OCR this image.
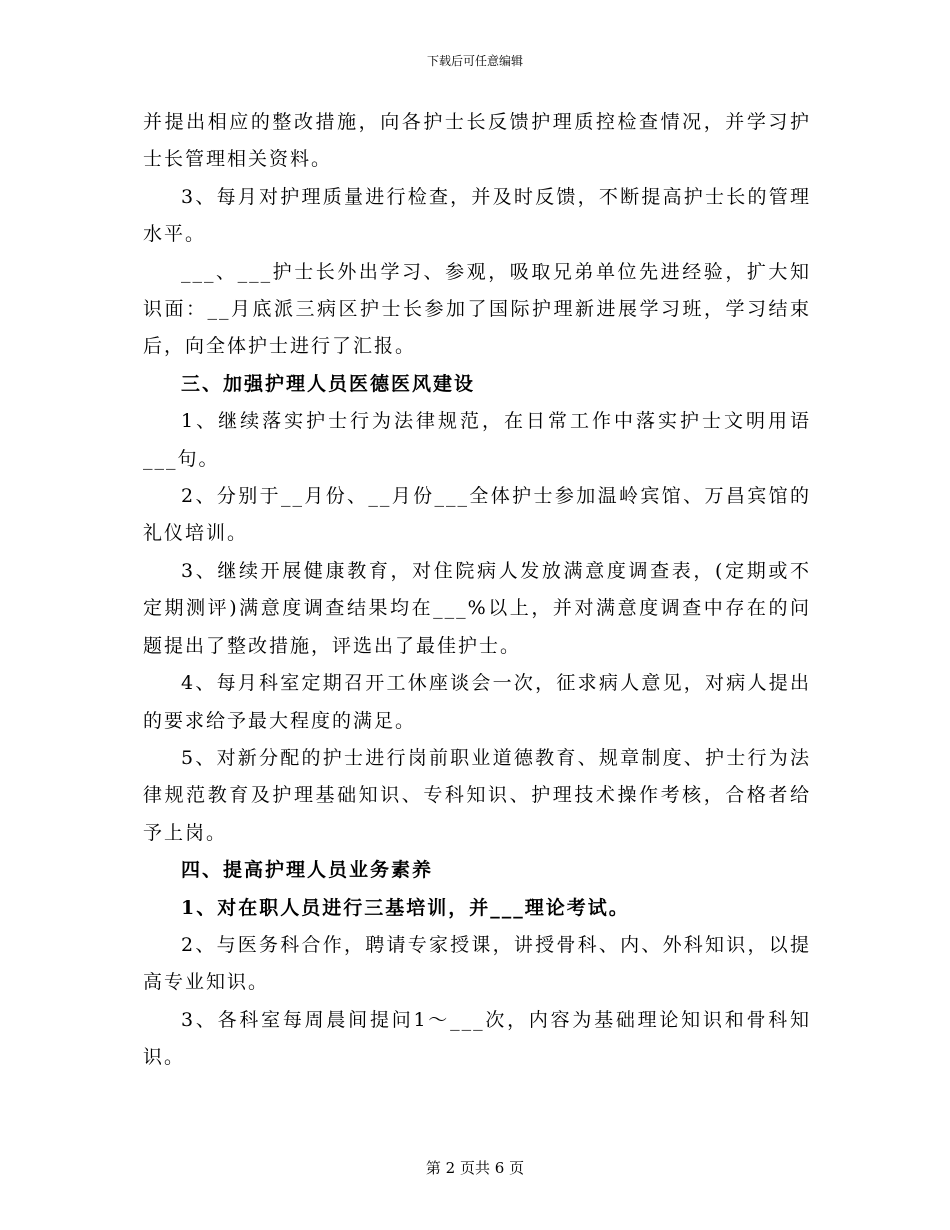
下载后可任意编辑

并提出相应的整改措施，向各护士长反馈护理质控检查情况，并学习护士长管理相关资料。

3、每月对护理质量进行检查，并及时反馈，不断提高护士长的管理水平。

___、___护士长外出学习、参观，吸取兄弟单位先进经验，扩大知识面：__月底派三病区护士长参加了国际护理新进展学习班，学习结束后，向全体护士进行了汇报。

三、加强护理人员医德医风建设

1、继续落实护士行为法律规范，在日常工作中落实护士文明用语___句。

2、分别于__月份、__月份___全体护士参加温岭宾馆、万昌宾馆的礼仪培训。

3、继续开展健康教育，对住院病人发放满意度调查表，(定期或不定期测评)满意度调查结果均在___%以上，并对满意度调查中存在的问题提出了整改措施，评选出了最佳护士。

4、每月科室定期召开工休座谈会一次，征求病人意见，对病人提出的要求给予最大程度的满足。

5、对新分配的护士进行岗前职业道德教育、规章制度、护士行为法律规范教育及护理基础知识、专科知识、护理技术操作考核，合格者给予上岗。

四、提高护理人员业务素养

1、对在职人员进行三基培训，并___理论考试。

2、与医务科合作，聘请专家授课，讲授骨科、内、外科知识，以提高专业知识。

3、各科室每周晨间提问1～___次，内容为基础理论知识和骨科知识。

第 2 页共 6 页
